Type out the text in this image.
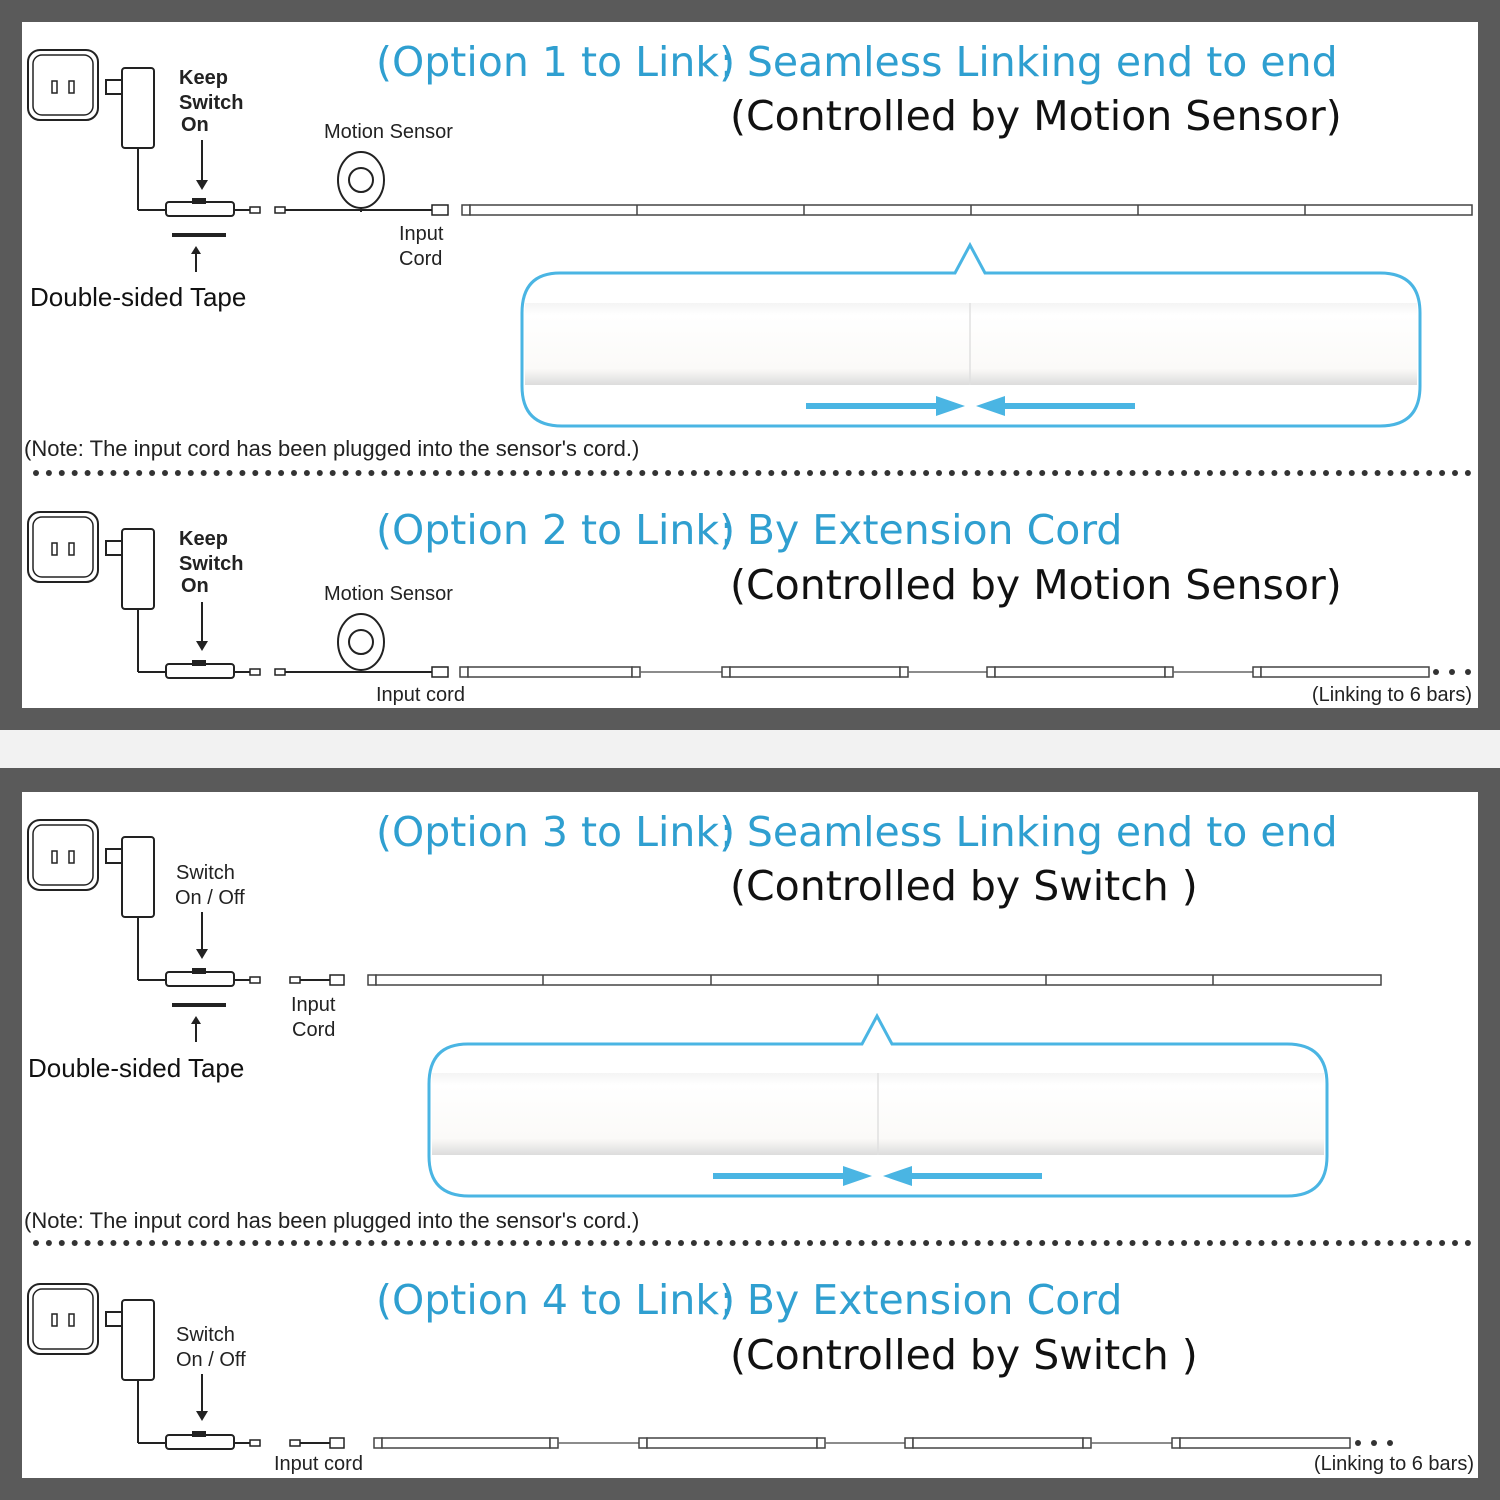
Keep
Switch
On
Double-sided Tape
Motion Sensor
Input
Cord
(Option 1 to Link)
: Seamless Linking end to end
(Controlled by Motion Sensor)
(Note: The input cord has been plugged into the sensor's cord.)
Keep
Switch
On	Motion Sensor
Input cord	(Linking to 6 bars)
(Option 2 to Link)
: By Extension Cord
(Controlled by Motion Sensor)
Switch
On / Off
Double-sided Tape
Input
Cord
(Option 3 to Link)
: Seamless Linking end to end
(Controlled by Switch )
(Note: The input cord has been plugged into the sensor's cord.)
Switch
On / Off
Input cord	(Linking to 6 bars)
(Option 4 to Link)
: By Extension Cord
(Controlled by Switch )
